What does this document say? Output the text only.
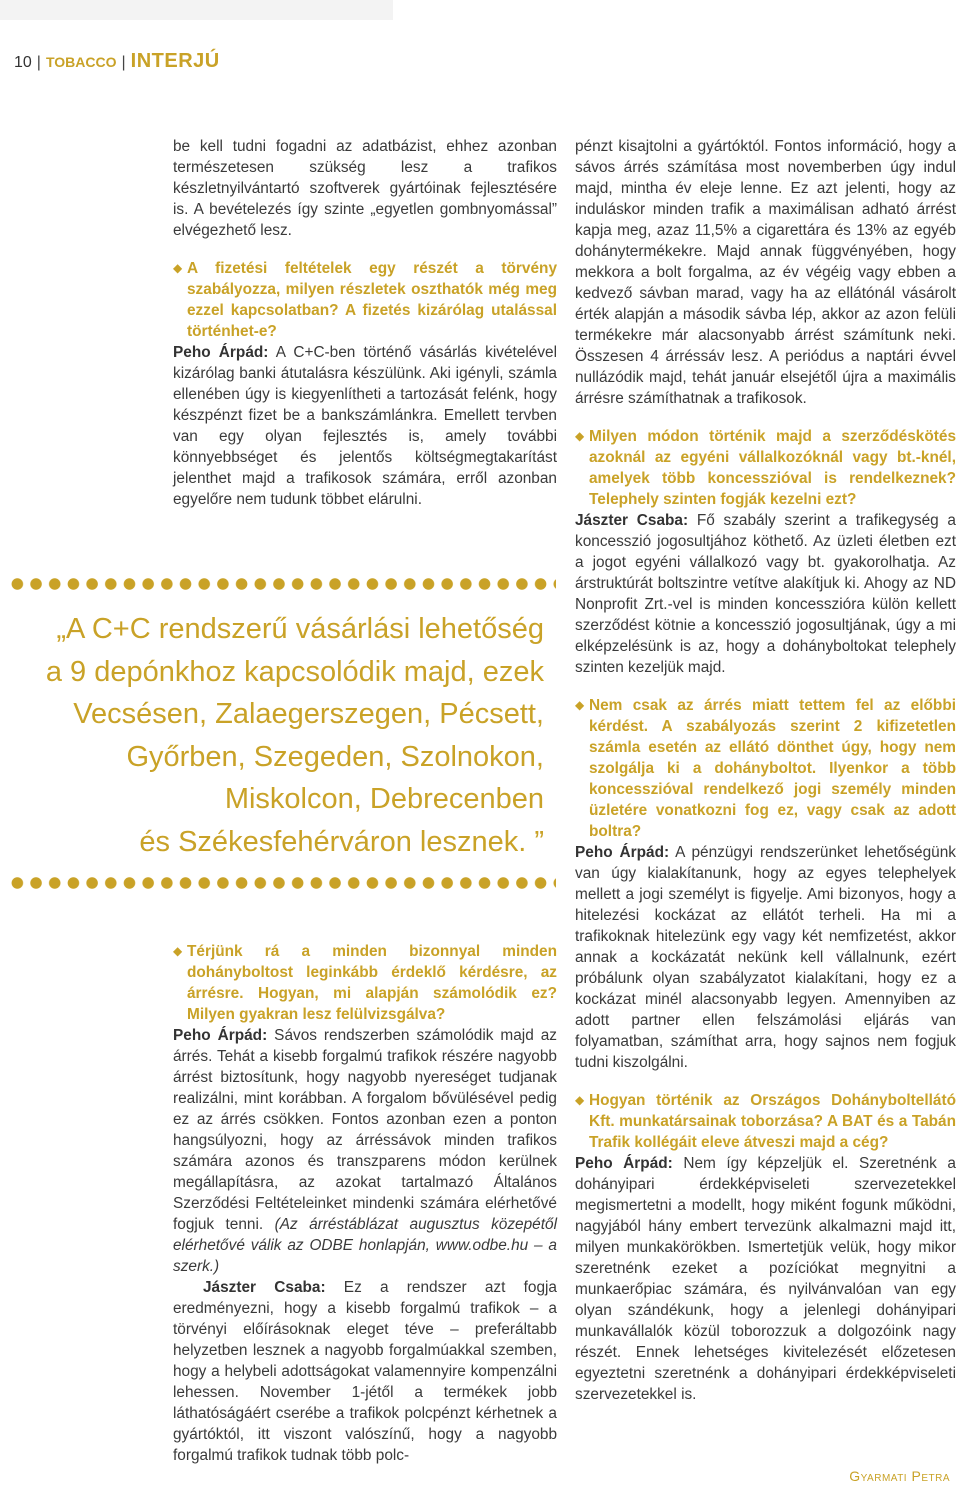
10 | TOBACCO | INTERJÚ

be kell tudni fogadni az adatbázist, ehhez azonban természetesen szükség lesz a trafikos készletnyilvántartó szoftverek gyártóinak fejlesztésére is. A bevételezés így szinte „egyetlen gombnyomással” elvégezhető lesz.

◆ A fizetési feltételek egy részét a törvény szabályozza, milyen részletek oszthatók még meg ezzel kapcsolatban? A fizetés kizárólag utalással történhet-e?

Peho Árpád: A C+C-ben történő vásárlás kivételével kizárólag banki átutalásra készülünk. Aki igényli, számla ellenében úgy is kiegyenlítheti a tartozását felénk, hogy készpénzt fizet be a bankszámlánkra. Emellett tervben van egy olyan fejlesztés is, amely további könnyebbséget és jelentős költségmegtakarítást jelenthet majd a trafikosok számára, erről azonban egyelőre nem tudunk többet elárulni.

„A C+C rendszerű vásárlási lehetőség
a 9 depónkhoz kapcsolódik majd, ezek
Vecsésen, Zalaegerszegen, Pécsett,
Győrben, Szegeden, Szolnokon,
Miskolcon, Debrecenben
és Székesfehérváron lesznek. ”

◆ Térjünk rá a minden bizonnyal minden dohányboltost leginkább érdeklő kérdésre, az árrésre. Hogyan, mi alapján számolódik ez? Milyen gyakran lesz felülvizsgálva?

Peho Árpád: Sávos rendszerben számolódik majd az árrés. Tehát a kisebb forgalmú trafikok részére nagyobb árrést biztosítunk, hogy nagyobb nyereséget tudjanak realizálni, mint korábban. A forgalom bővülésével pedig ez az árrés csökken. Fontos azonban ezen a ponton hangsúlyozni, hogy az árréssávok minden trafikos számára azonos és transzparens módon kerülnek megállapításra, az azokat tartalmazó Általános Szerződési Feltételeinket mindenki számára elérhetővé fogjuk tenni. (Az árréstáblázat augusztus közepétől elérhetővé válik az ODBE honlapján, www.odbe.hu – a szerk.)

Jászter Csaba: Ez a rendszer azt fogja eredményezni, hogy a kisebb forgalmú trafikok – a törvényi előírásoknak eleget téve – preferáltabb helyzetben lesznek a nagyobb forgalmúakkal szemben, hogy a helybeli adottságokat valamennyire kompenzálni lehessen. November 1-jétől a termékek jobb láthatóságáért cserébe a trafikok polcpénzt kérhetnek a gyártóktól, itt viszont valószínű, hogy a nagyobb forgalmú trafikok tudnak több polc-

pénzt kisajtolni a gyártóktól. Fontos információ, hogy a sávos árrés számítása most novemberben úgy indul majd, mintha év eleje lenne. Ez azt jelenti, hogy az induláskor minden trafik a maximálisan adható árrést kapja meg, azaz 11,5% a cigarettára és 13% az egyéb dohánytermékekre. Majd annak függvényében, hogy mekkora a bolt forgalma, az év végéig vagy ebben a kedvező sávban marad, vagy ha az ellátónál vásárolt érték alapján a második sávba lép, akkor az azon felüli termékekre már alacsonyabb árrést számítunk neki. Összesen 4 árréssáv lesz. A periódus a naptári évvel nullázódik majd, tehát január elsejétől újra a maximális árrésre számíthatnak a trafikosok.

◆ Milyen módon történik majd a szerződéskötés azoknál az egyéni vállalkozóknál vagy bt.-knél, amelyek több koncesszióval is rendelkeznek? Telephely szinten fogják kezelni ezt?

Jászter Csaba: Fő szabály szerint a trafikegység a koncesszió jogosultjához köthető. Az üzleti életben ezt a jogot egyéni vállalkozó vagy bt. gyakorolhatja. Az árstruktúrát boltszintre vetítve alakítjuk ki. Ahogy az ND Nonprofit Zrt.-vel is minden koncesszióra külön kellett szerződést kötnie a koncesszió jogosultjának, úgy a mi elképzelésünk is az, hogy a dohányboltokat telephely szinten kezeljük majd.

◆ Nem csak az árrés miatt tettem fel az előbbi kérdést. A szabályozás szerint 2 kifizetetlen számla esetén az ellátó dönthet úgy, hogy nem szolgálja ki a dohányboltot. Ilyenkor a több koncesszióval rendelkező jogi személy minden üzletére vonatkozni fog ez, vagy csak az adott boltra?

Peho Árpád: A pénzügyi rendszerünket lehetőségünk van úgy kialakítanunk, hogy az egyes telephelyek mellett a jogi személyt is figyelje. Ami bizonyos, hogy a hitelezési kockázat az ellátót terheli. Ha mi a trafikoknak hitelezünk egy vagy két nemfizetést, akkor annak a kockázatát nekünk kell vállalnunk, ezért próbálunk olyan szabályzatot kialakítani, hogy ez a kockázat minél alacsonyabb legyen. Amennyiben az adott partner ellen felszámolási eljárás van folyamatban, számíthat arra, hogy sajnos nem fogjuk tudni kiszolgálni.

◆ Hogyan történik az Országos Dohányboltellátó Kft. munkatársainak toborzása? A BAT és a Tabán Trafik kollégáit eleve átveszi majd a cég?

Peho Árpád: Nem így képzeljük el. Szeretnénk a dohányipari érdekképviseleti szervezetekkel megismertetni a modellt, hogy miként fogunk működni, nagyjából hány embert tervezünk alkalmazni majd itt, milyen munkakörökben. Ismertetjük velük, hogy mikor szeretnénk ezeket a pozíciókat megnyitni a munkaerőpiac számára, és nyilvánvalóan van egy olyan szándékunk, hogy a jelenlegi dohányipari munkavállalók közül toborozzuk a dolgozóink nagy részét. Ennek lehetséges kivitelezését előzetesen egyeztetni szeretnénk a dohányipari érdekképviseleti szervezetekkel is.

Gyarmati Petra
